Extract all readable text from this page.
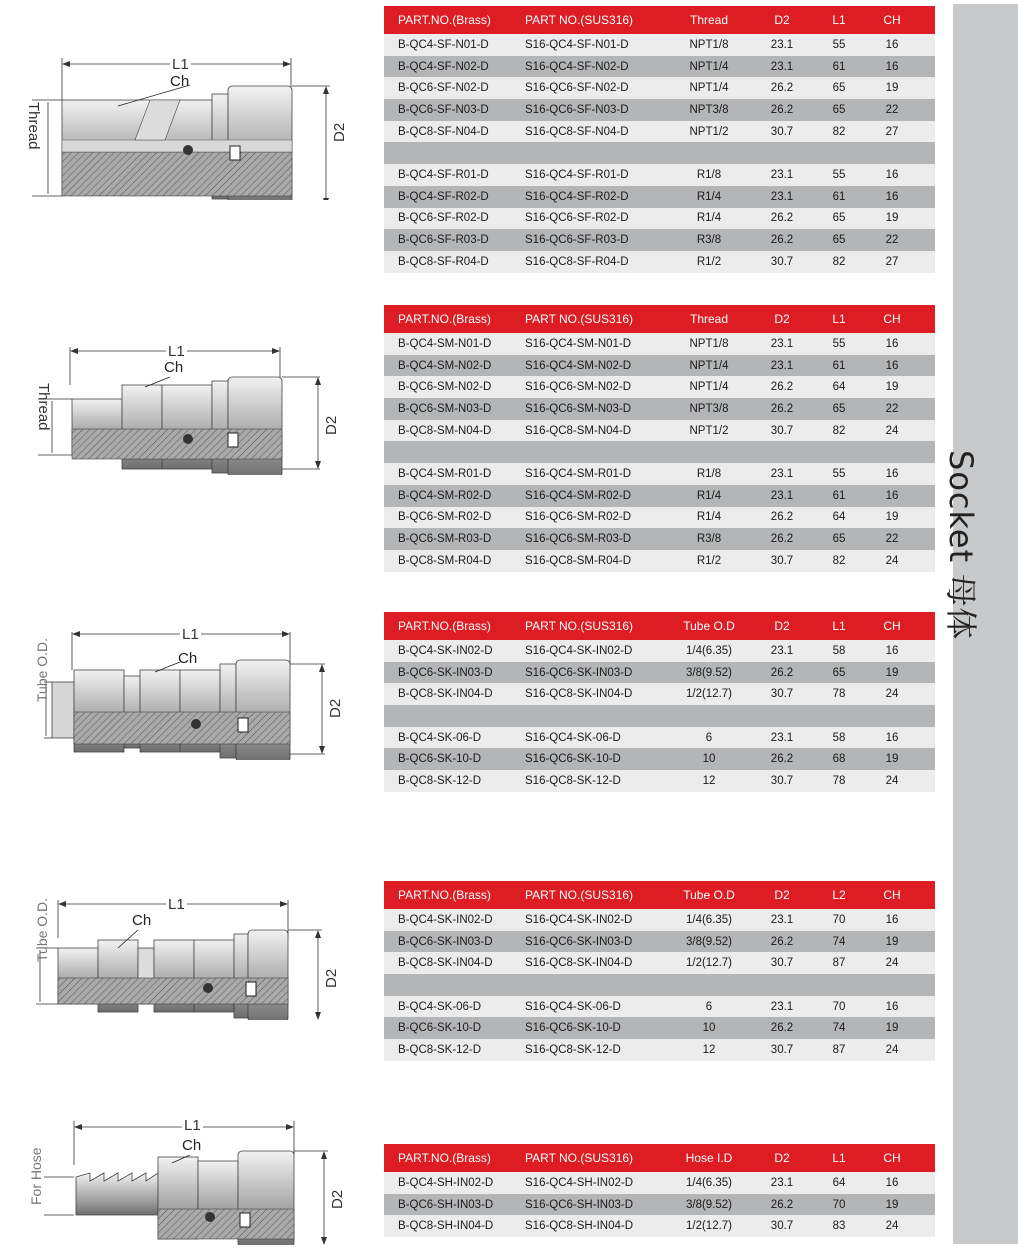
Socket 母体
PART.NO.(Brass)	PART NO.(SUS316)	Thread	D2	L1	CH
B-QC4-SF-N01-D	S16-QC4-SF-N01-D	NPT1/8	23.1	55	16
B-QC4-SF-N02-D	S16-QC4-SF-N02-D	NPT1/4	23.1	61	16
B-QC6-SF-N02-D	S16-QC6-SF-N02-D	NPT1/4	26.2	65	19
B-QC6-SF-N03-D	S16-QC6-SF-N03-D	NPT3/8	26.2	65	22
B-QC8-SF-N04-D	S16-QC8-SF-N04-D	NPT1/2	30.7	82	27
B-QC4-SF-R01-D	S16-QC4-SF-R01-D	R1/8	23.1	55	16
B-QC4-SF-R02-D	S16-QC4-SF-R02-D	R1/4	23.1	61	16
B-QC6-SF-R02-D	S16-QC6-SF-R02-D	R1/4	26.2	65	19
B-QC6-SF-R03-D	S16-QC6-SF-R03-D	R3/8	26.2	65	22
B-QC8-SF-R04-D	S16-QC8-SF-R04-D	R1/2	30.7	82	27
PART.NO.(Brass)	PART NO.(SUS316)	Thread	D2	L1	CH
B-QC4-SM-N01-D	S16-QC4-SM-N01-D	NPT1/8	23.1	55	16
B-QC4-SM-N02-D	S16-QC4-SM-N02-D	NPT1/4	23.1	61	16
B-QC6-SM-N02-D	S16-QC6-SM-N02-D	NPT1/4	26.2	64	19
B-QC6-SM-N03-D	S16-QC6-SM-N03-D	NPT3/8	26.2	65	22
B-QC8-SM-N04-D	S16-QC8-SM-N04-D	NPT1/2	30.7	82	24
B-QC4-SM-R01-D	S16-QC4-SM-R01-D	R1/8	23.1	55	16
B-QC4-SM-R02-D	S16-QC4-SM-R02-D	R1/4	23.1	61	16
B-QC6-SM-R02-D	S16-QC6-SM-R02-D	R1/4	26.2	64	19
B-QC6-SM-R03-D	S16-QC6-SM-R03-D	R3/8	26.2	65	22
B-QC8-SM-R04-D	S16-QC8-SM-R04-D	R1/2	30.7	82	24
PART.NO.(Brass)	PART NO.(SUS316)	Tube O.D	D2	L1	CH
B-QC4-SK-IN02-D	S16-QC4-SK-IN02-D	1/4(6.35)	23.1	58	16
B-QC6-SK-IN03-D	S16-QC6-SK-IN03-D	3/8(9.52)	26.2	65	19
B-QC8-SK-IN04-D	S16-QC8-SK-IN04-D	1/2(12.7)	30.7	78	24
B-QC4-SK-06-D	S16-QC4-SK-06-D	6	23.1	58	16
B-QC6-SK-10-D	S16-QC6-SK-10-D	10	26.2	68	19
B-QC8-SK-12-D	S16-QC8-SK-12-D	12	30.7	78	24
PART.NO.(Brass)	PART NO.(SUS316)	Tube O.D	D2	L2	CH
B-QC4-SK-IN02-D	S16-QC4-SK-IN02-D	1/4(6.35)	23.1	70	16
B-QC6-SK-IN03-D	S16-QC6-SK-IN03-D	3/8(9.52)	26.2	74	19
B-QC8-SK-IN04-D	S16-QC8-SK-IN04-D	1/2(12.7)	30.7	87	24
B-QC4-SK-06-D	S16-QC4-SK-06-D	6	23.1	70	16
B-QC6-SK-10-D	S16-QC6-SK-10-D	10	26.2	74	19
B-QC8-SK-12-D	S16-QC8-SK-12-D	12	30.7	87	24
PART.NO.(Brass)	PART NO.(SUS316)	Hose I.D	D2	L1	CH
B-QC4-SH-IN02-D	S16-QC4-SH-IN02-D	1/4(6.35)	23.1	64	16
B-QC6-SH-IN03-D	S16-QC6-SH-IN03-D	3/8(9.52)	26.2	70	19
B-QC8-SH-IN04-D	S16-QC8-SH-IN04-D	1/2(12.7)	30.7	83	24
L1
Ch
Thread	D2
L1
Ch
Thread	D2
L1
Ch
Tube O.D.
D2
L1
Ch
Tube O.D.
D2
L1
Ch
For Hose	D2
